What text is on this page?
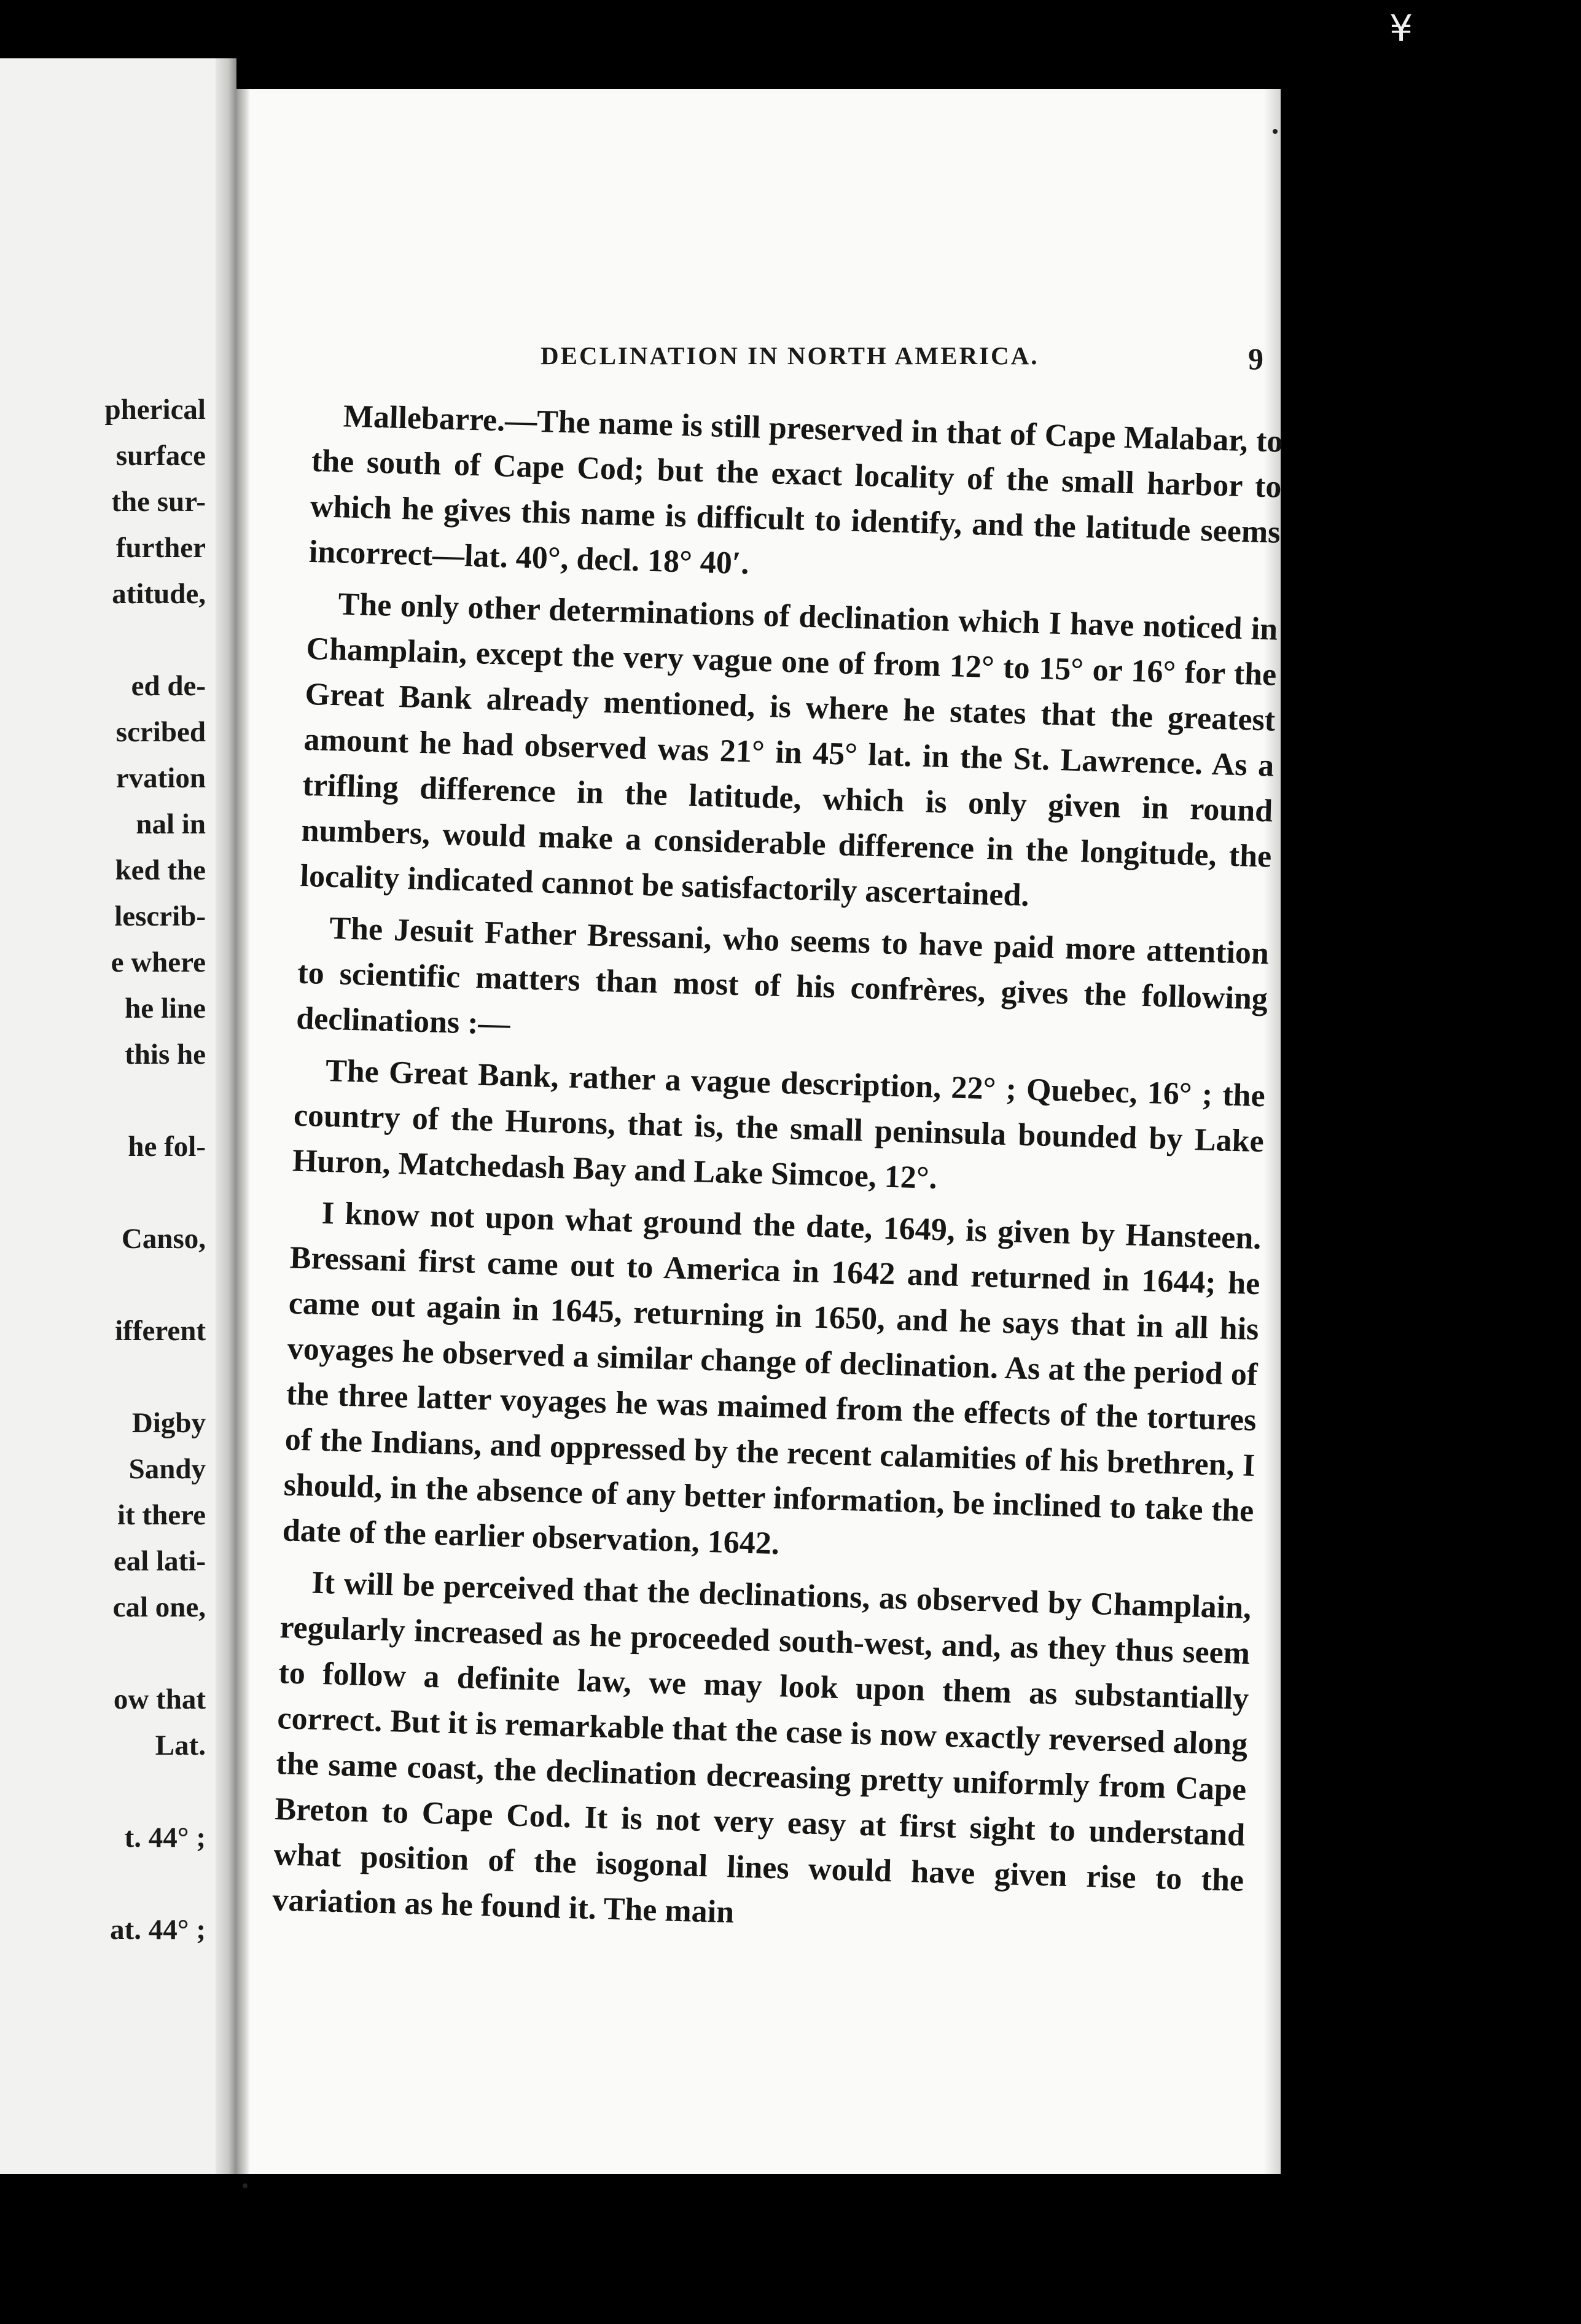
¥
pherical
surface
the sur-
further
atitude,
ed de-
scribed
rvation
nal in
ked the
lescrib-
e where
he line
this he
he fol-
Canso,
ifferent
Digby
Sandy
it there
eal lati-
cal one,
ow that
Lat.
t. 44° ;
at. 44° ;
DECLINATION IN NORTH AMERICA.	9

Mallebarre.—The name is still preserved in that of Cape Malabar, to the south of Cape Cod; but the exact locality of the small harbor to which he gives this name is difficult to identify, and the latitude seems incorrect—lat. 40°, decl. 18° 40′.

The only other determinations of declination which I have noticed in Champlain, except the very vague one of from 12° to 15° or 16° for the Great Bank already mentioned, is where he states that the greatest amount he had observed was 21° in 45° lat. in the St. Lawrence. As a trifling difference in the latitude, which is only given in round numbers, would make a considerable difference in the longitude, the locality indicated cannot be satisfactorily ascertained.

The Jesuit Father Bressani, who seems to have paid more attention to scientific matters than most of his confrères, gives the following declinations :—

The Great Bank, rather a vague description, 22° ; Quebec, 16° ; the country of the Hurons, that is, the small peninsula bounded by Lake Huron, Matchedash Bay and Lake Simcoe, 12°.

I know not upon what ground the date, 1649, is given by Hansteen. Bressani first came out to America in 1642 and returned in 1644; he came out again in 1645, returning in 1650, and he says that in all his voyages he observed a similar change of declination. As at the period of the three latter voyages he was maimed from the effects of the tortures of the Indians, and oppressed by the recent calamities of his brethren, I should, in the absence of any better information, be inclined to take the date of the earlier observation, 1642.

It will be perceived that the declinations, as observed by Champlain, regularly increased as he proceeded south-west, and, as they thus seem to follow a definite law, we may look upon them as substantially correct. But it is remarkable that the case is now exactly reversed along the same coast, the declination decreasing pretty uniformly from Cape Breton to Cape Cod. It is not very easy at first sight to understand what position of the isogonal lines would have given rise to the variation as he found it. The main
